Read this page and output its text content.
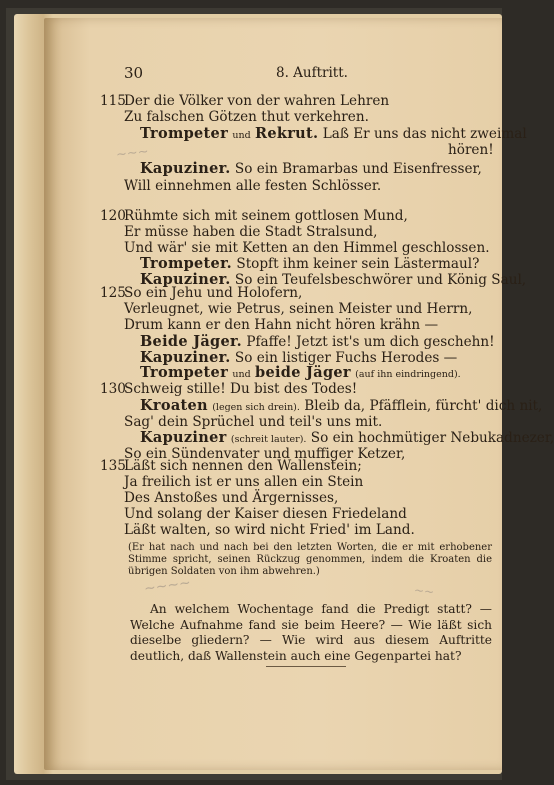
30	8. Auftritt.
115
120
125
130
135
Der die Völker von der wahren Lehren
Zu falschen Götzen thut verkehren.
Trompeter und Rekrut. Laß Er uns das nicht zweimal
hören!
Kapuziner. So ein Bramarbas und Eisenfresser,
Will einnehmen alle festen Schlösser.
Rühmte sich mit seinem gottlosen Mund,
Er müsse haben die Stadt Stralsund,
Und wär' sie mit Ketten an den Himmel geschlossen.
Trompeter. Stopft ihm keiner sein Lästermaul?
Kapuziner. So ein Teufelsbeschwörer und König Saul,
So ein Jehu und Holofern,
Verleugnet, wie Petrus, seinen Meister und Herrn,
Drum kann er den Hahn nicht hören krähn —
Beide Jäger. Pfaffe! Jetzt ist's um dich geschehn!
Kapuziner. So ein listiger Fuchs Herodes —
Trompeter und beide Jäger (auf ihn eindringend).
Schweig stille! Du bist des Todes!
Kroaten (legen sich drein). Bleib da, Pfäfflein, fürcht' dich nit,
Sag' dein Sprüchel und teil's uns mit.
Kapuziner (schreit lauter). So ein hochmütiger Nebukadnezer,
So ein Sündenvater und muffiger Ketzer,
Läßt sich nennen den Wallenstein;
Ja freilich ist er uns allen ein Stein
Des Anstoßes und Ärgernisses,
Und solang der Kaiser diesen Friedeland
Läßt walten, so wird nicht Fried' im Land.
(Er hat nach und nach bei den letzten Worten, die er mit erhobener Stimme spricht, seinen Rückzug genommen, indem die Kroaten die übrigen Soldaten von ihm abwehren.)
~~~
~~~~	~~
An welchem Wochentage fand die Predigt statt? — Welche Aufnahme fand sie beim Heere? — Wie läßt sich dieselbe gliedern? — Wie wird aus diesem Auftritte deutlich, daß Wallenstein auch eine Gegenpartei hat?
